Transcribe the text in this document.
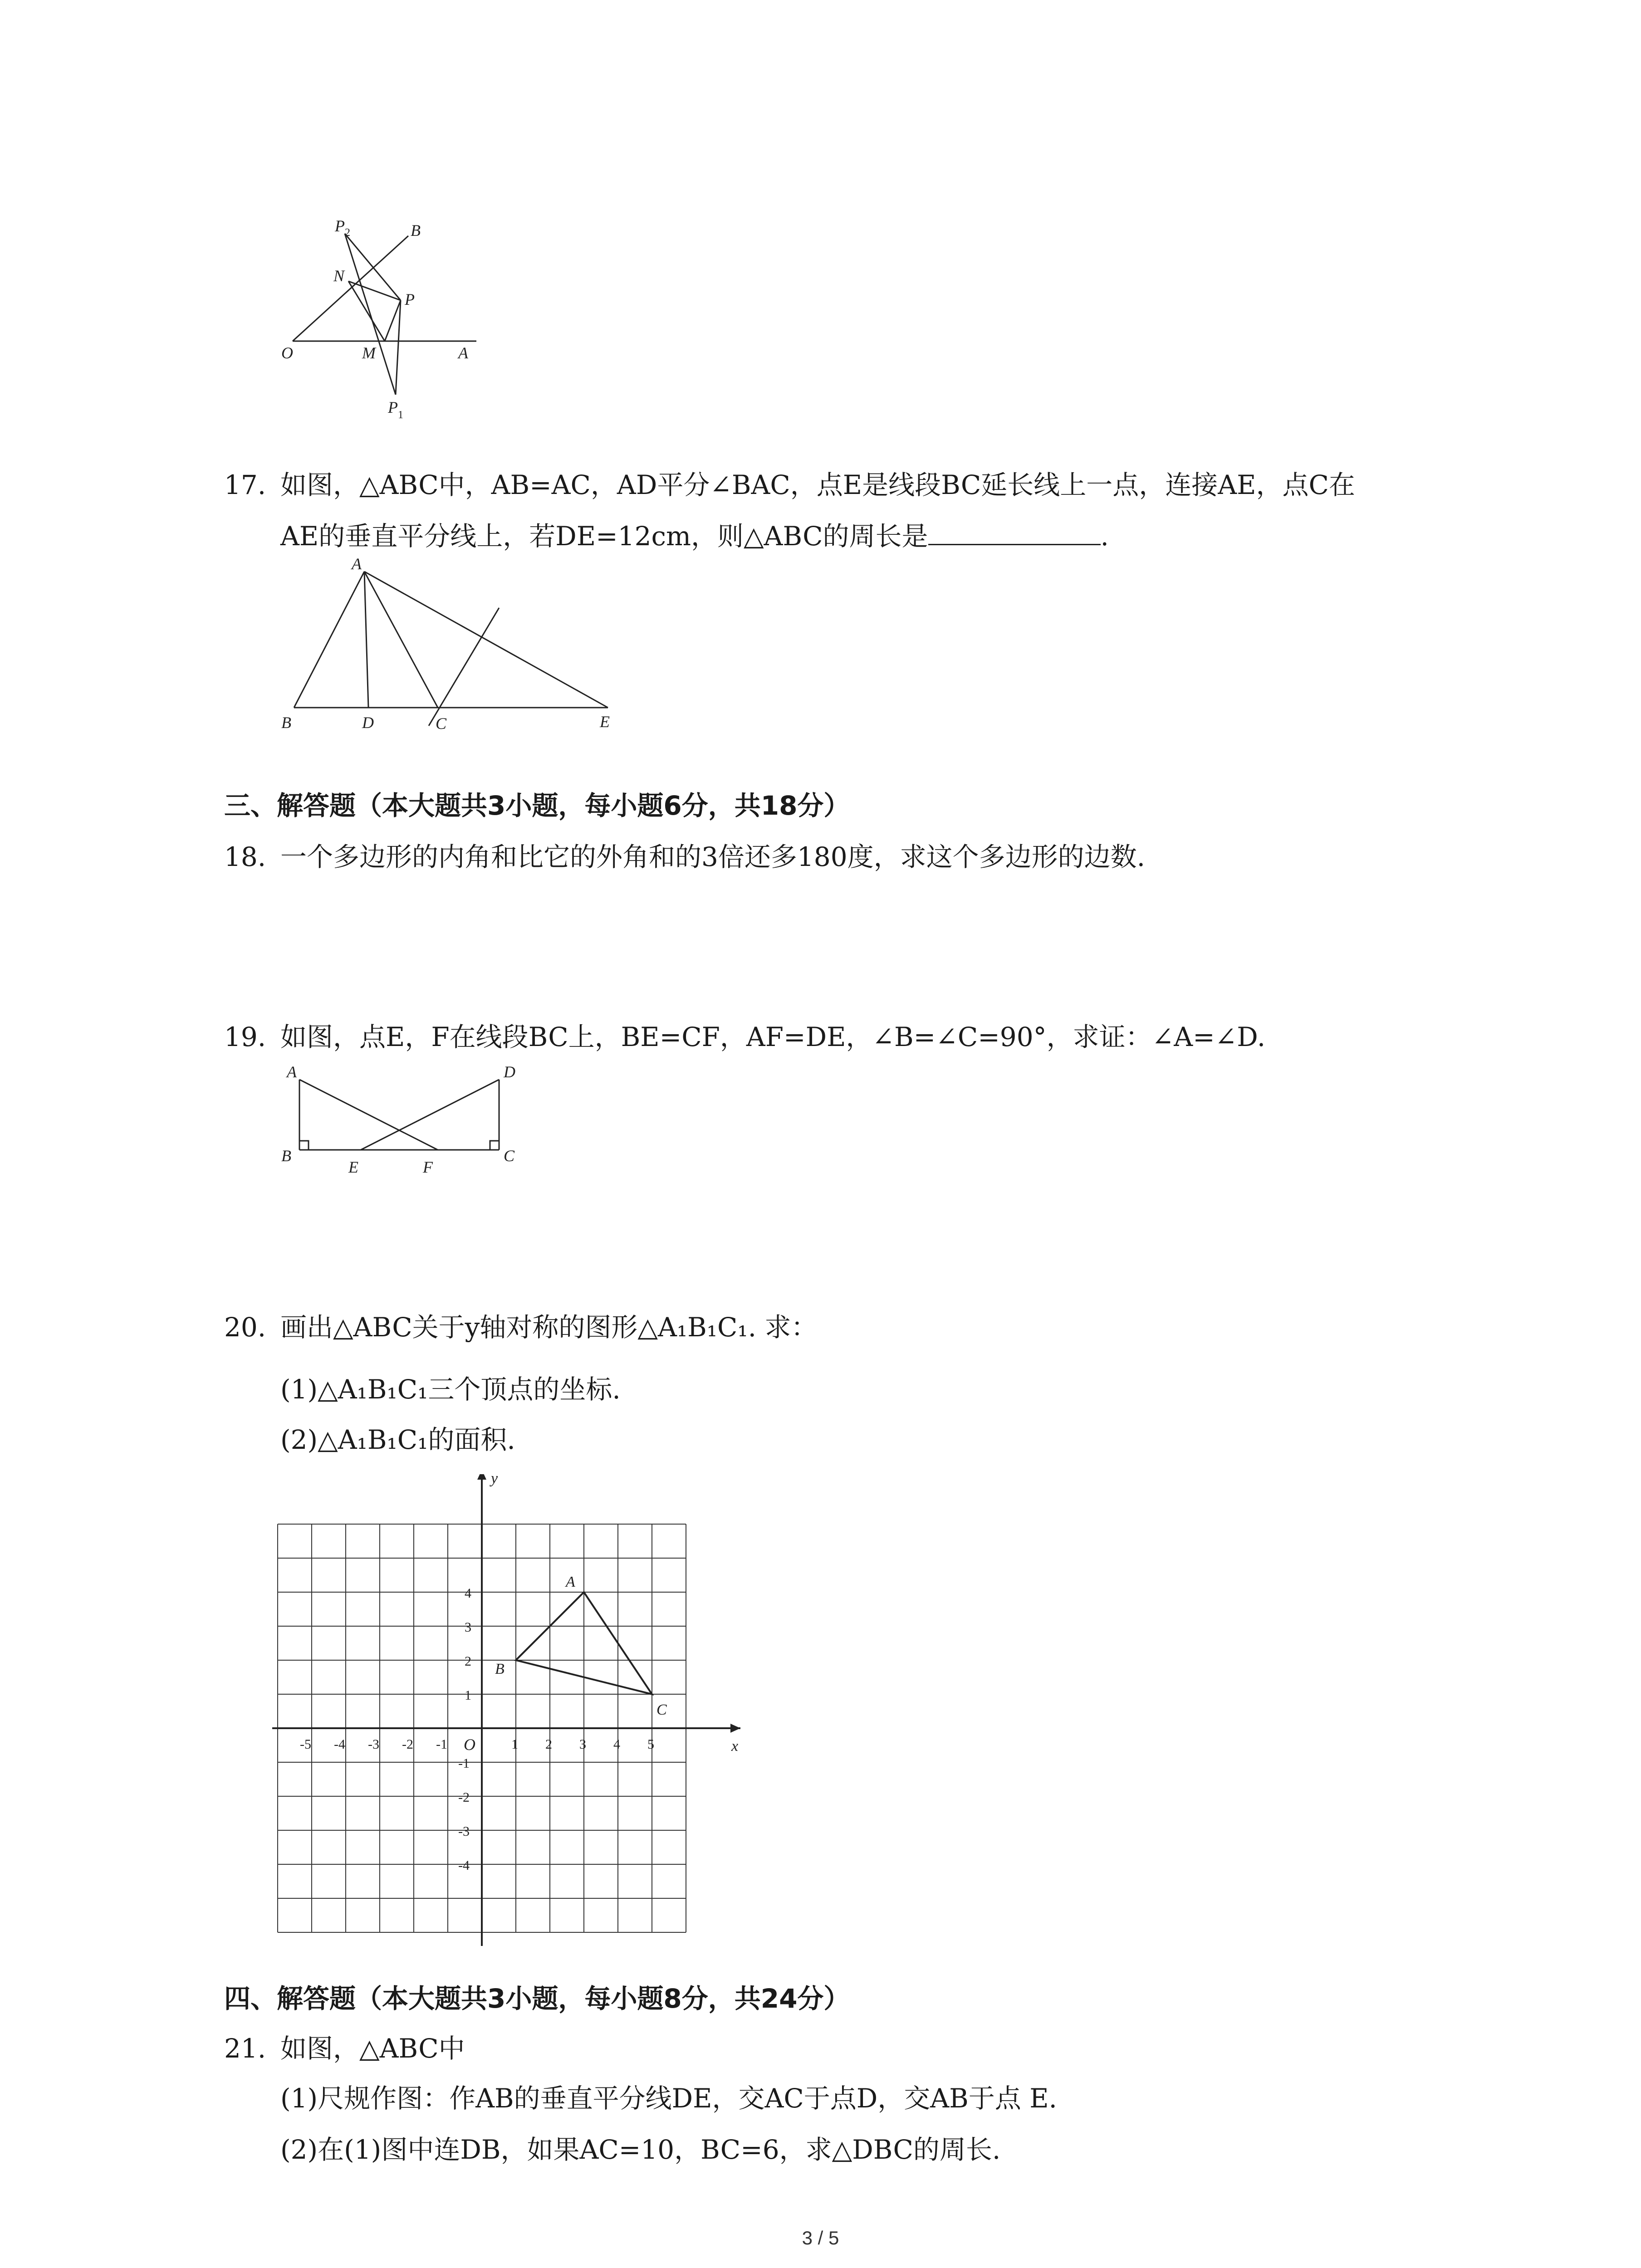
P 2	B
N
P
O	M	A
P 1
17. 如图，△ABC中，AB=AC，AD平分∠BAC，点E是线段BC延长线上一点，连接AE，点C在
AE的垂直平分线上，若DE=12cm，则△ABC的周长是	.
A
B	D	C	E
三、解答题（本大题共3小题，每小题6分，共18分）
18. 一个多边形的内角和比它的外角和的3倍还多180度，求这个多边形的边数.
19. 如图，点E，F在线段BC上，BE=CF，AF=DE，∠B=∠C=90°，求证：∠A=∠D.
A	D
B
E	F
C
20. 画出△ABC关于y轴对称的图形△A₁B₁C₁. 求：
(1)△A₁B₁C₁三个顶点的坐标.
(2)△A₁B₁C₁的面积.
x
y
O
-5 -4 -3 -2 -1	1 2 3 4 5
4
3
2
1
-1
-2
-3
-4
A
B
C
四、解答题（本大题共3小题，每小题8分，共24分）
21. 如图，△ABC中
(1)尺规作图：作AB的垂直平分线DE，交AC于点D，交AB于点 E.
(2)在(1)图中连DB，如果AC=10，BC=6，求△DBC的周长.
3 / 5
